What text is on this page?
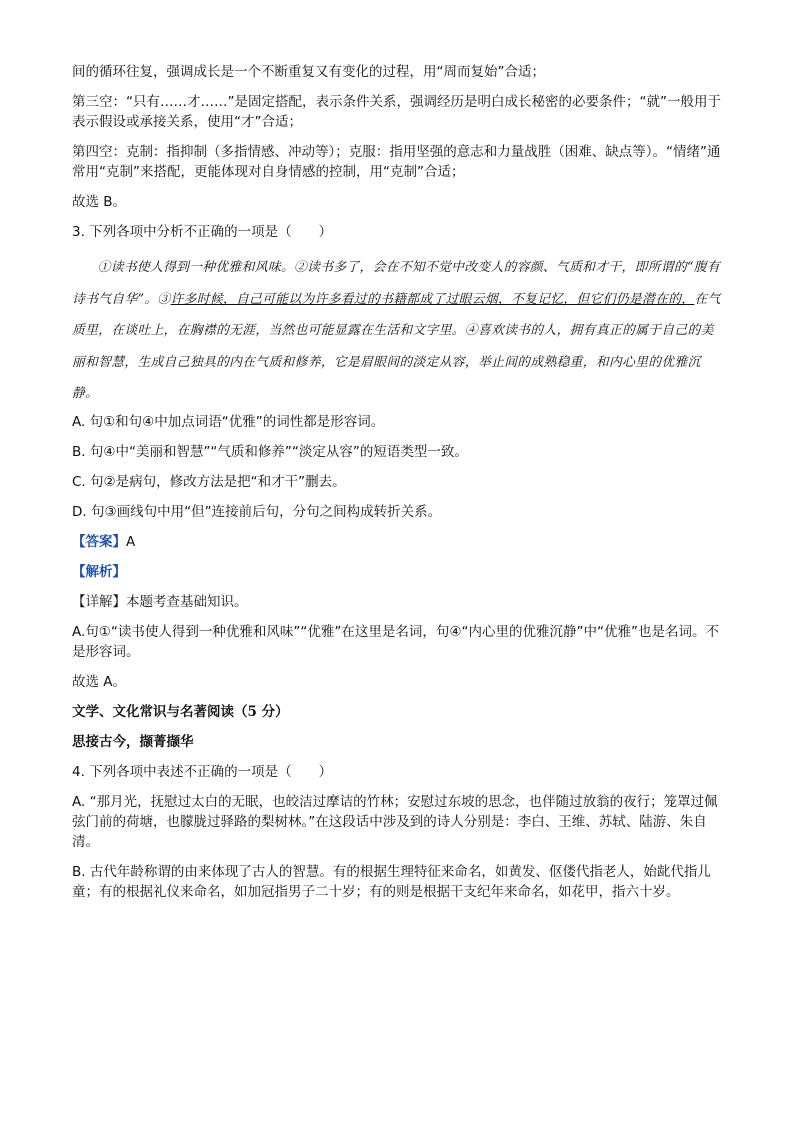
间的循环往复，强调成长是一个不断重复又有变化的过程，用“周而复始”合适；

第三空：“只有……才……”是固定搭配，表示条件关系，强调经历是明白成长秘密的必要条件；“就”一般用于表示假设或承接关系，使用“才”合适；

第四空：克制：指抑制（多指情感、冲动等）；克服：指用坚强的意志和力量战胜（困难、缺点等）。“情绪”通常用“克制”来搭配，更能体现对自身情感的控制，用“克制”合适；

故选 B。

3. 下列各项中分析不正确的一项是（　　）

①读书使人得到一种优雅和风味。②读书多了，会在不知不觉中改变人的容颜、气质和才干，即所谓的“腹有诗书气自华”。③许多时候，自己可能以为许多看过的书籍都成了过眼云烟，不复记忆，但它们仍是潜在的，在气质里，在谈吐上，在胸襟的无涯，当然也可能显露在生活和文字里。④喜欢读书的人，拥有真正的属于自己的美丽和智慧，生成自己独具的内在气质和修养，它是眉眼间的淡定从容，举止间的成熟稳重，和内心里的优雅沉静。

A. 句①和句④中加点词语“优雅”的词性都是形容词。

B. 句④中“美丽和智慧”“气质和修养”“淡定从容”的短语类型一致。

C. 句②是病句，修改方法是把“和才干”删去。

D. 句③画线句中用“但”连接前后句，分句之间构成转折关系。

【答案】A

【解析】

【详解】本题考查基础知识。

A.句①“读书使人得到一种优雅和风味”“优雅”在这里是名词，句④“内心里的优雅沉静”中“优雅”也是名词。不是形容词。

故选 A。

文学、文化常识与名著阅读（5 分）

思接古今，撷菁撷华

4. 下列各项中表述不正确的一项是（　　）

A. “那月光，抚慰过太白的无眠，也皎洁过摩诘的竹林；安慰过东坡的思念，也伴随过放翁的夜行；笼罩过佩弦门前的荷塘，也朦胧过驿路的梨树林。”在这段话中涉及到的诗人分别是：李白、王维、苏轼、陆游、朱自清。

B. 古代年龄称谓的由来体现了古人的智慧。有的根据生理特征来命名，如黄发、伛偻代指老人，始龀代指儿童；有的根据礼仪来命名，如加冠指男子二十岁；有的则是根据干支纪年来命名，如花甲，指六十岁。
